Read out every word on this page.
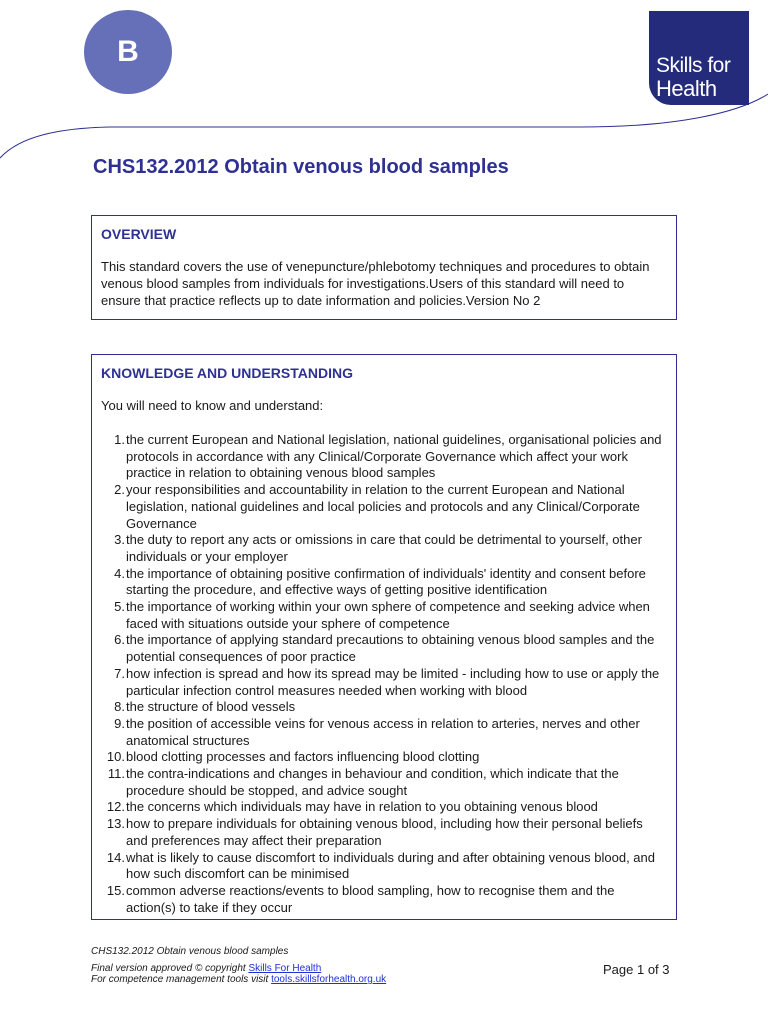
B	Skills for
Health
CHS132.2012 Obtain venous blood samples
OVERVIEW

This standard covers the use of venepuncture/phlebotomy techniques and procedures to obtain venous blood samples from individuals for investigations.Users of this standard will need to ensure that practice reflects up to date information and policies.Version No 2

KNOWLEDGE AND UNDERSTANDING

You will need to know and understand:

1. the current European and National legislation, national guidelines, organisational policies and protocols in accordance with any Clinical/Corporate Governance which affect your work practice in relation to obtaining venous blood samples
2. your responsibilities and accountability in relation to the current European and National legislation, national guidelines and local policies and protocols and any Clinical/Corporate Governance
3. the duty to report any acts or omissions in care that could be detrimental to yourself, other individuals or your employer
4. the importance of obtaining positive confirmation of individuals' identity and consent before starting the procedure, and effective ways of getting positive identification
5. the importance of working within your own sphere of competence and seeking advice when faced with situations outside your sphere of competence
6. the importance of applying standard precautions to obtaining venous blood samples and the potential consequences of poor practice
7. how infection is spread and how its spread may be limited - including how to use or apply the particular infection control measures needed when working with blood
8. the structure of blood vessels
9. the position of accessible veins for venous access in relation to arteries, nerves and other anatomical structures
10. blood clotting processes and factors influencing blood clotting
11. the contra-indications and changes in behaviour and condition, which indicate that the procedure should be stopped, and advice sought
12. the concerns which individuals may have in relation to you obtaining venous blood
13. how to prepare individuals for obtaining venous blood, including how their personal beliefs and preferences may affect their preparation
14. what is likely to cause discomfort to individuals during and after obtaining venous blood, and how such discomfort can be minimised
15. common adverse reactions/events to blood sampling, how to recognise them and the action(s) to take if they occur
CHS132.2012 Obtain venous blood samples
Final version approved © copyright Skills For Health
For competence management tools visit tools.skillsforhealth.org.uk
Page 1 of 3
